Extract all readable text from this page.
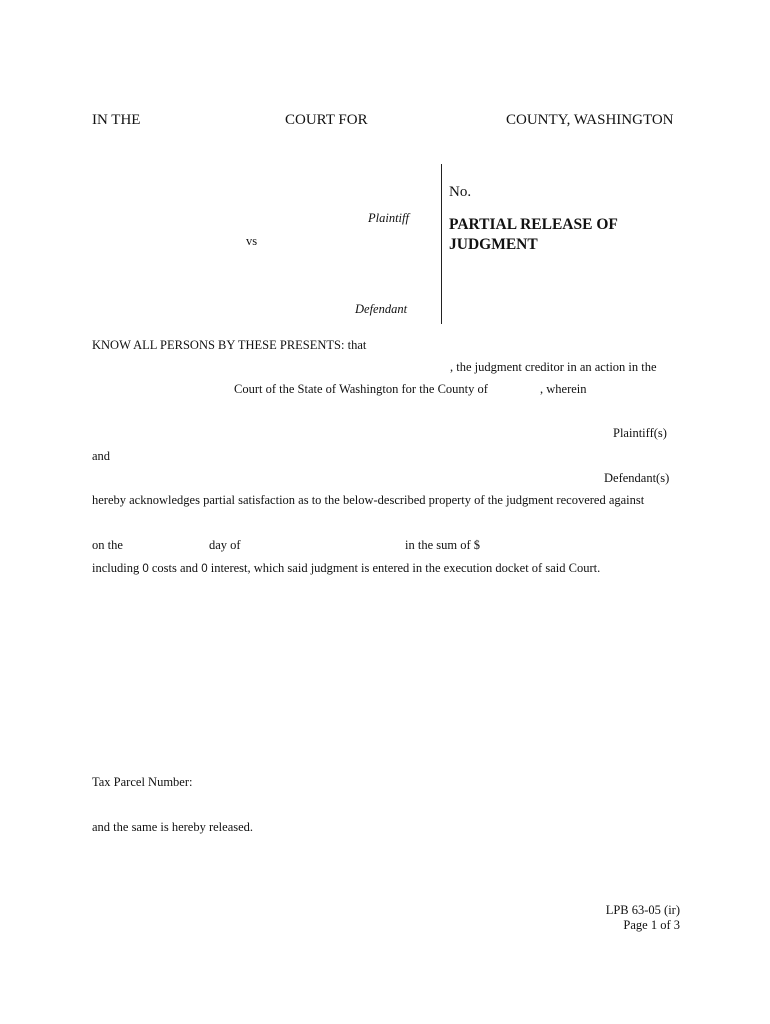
IN THE	COURT FOR	COUNTY, WASHINGTON
Plaintiff
vs
Defendant
No.
PARTIAL RELEASE OF JUDGMENT
KNOW ALL PERSONS BY THESE PRESENTS: that
, the judgment creditor in an action in the
Court of the State of Washington for the County of	, wherein
Plaintiff(s)
and
Defendant(s)
hereby acknowledges partial satisfaction as to the below-described property of the judgment recovered against
on the	day of	in the sum of $
including 0 costs and 0 interest, which said judgment is entered in the execution docket of said Court.
Tax Parcel Number:
and the same is hereby released.
LPB 63-05 (ir)
Page 1 of 3
